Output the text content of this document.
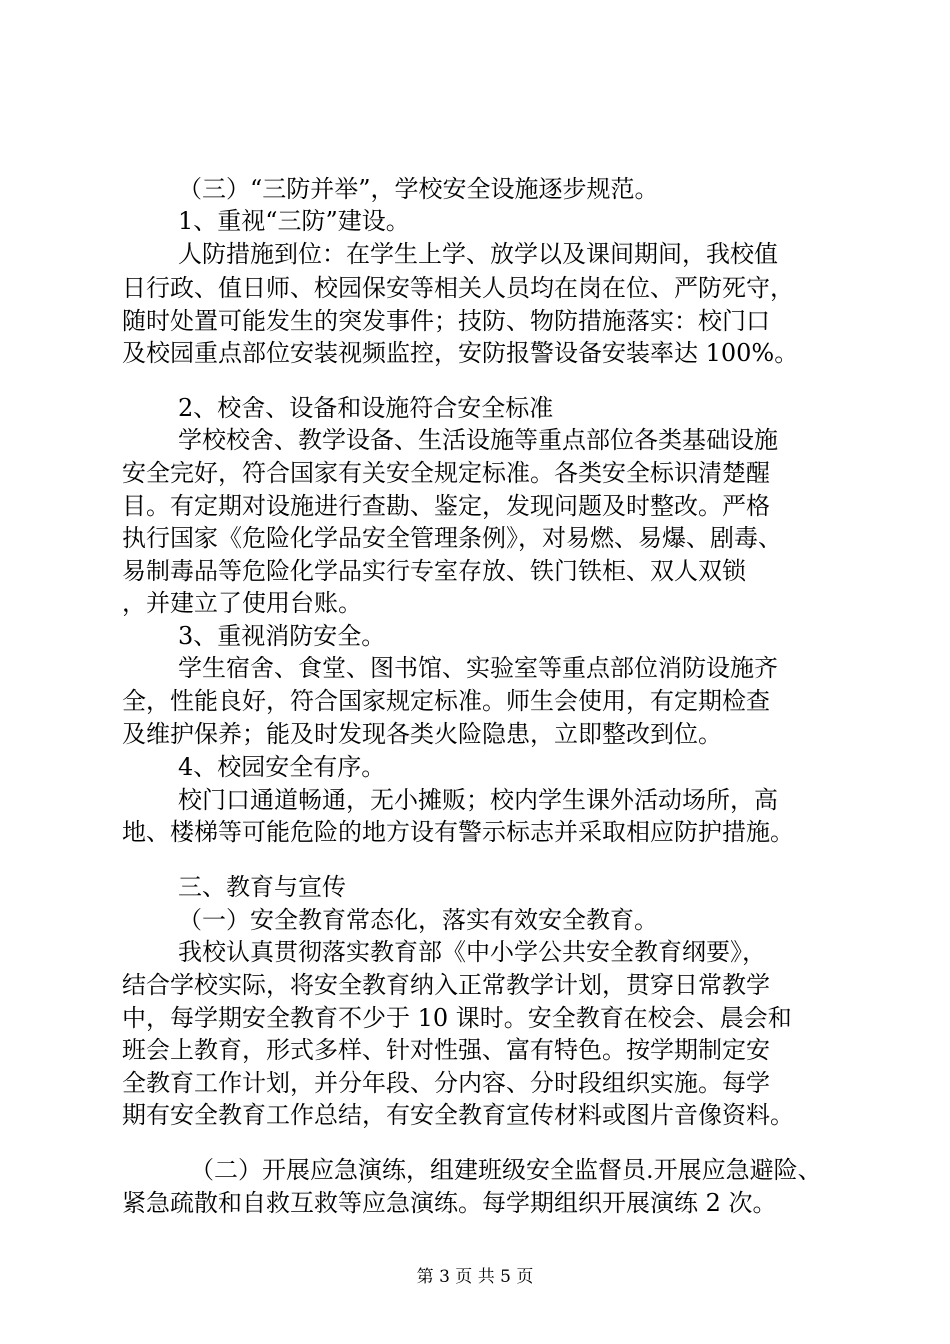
（三）“三防并举”，学校安全设施逐步规范。
1、重视“三防”建设。
人防措施到位：在学生上学、放学以及课间期间，我校值
日行政、值日师、校园保安等相关人员均在岗在位、严防死守，
随时处置可能发生的突发事件；技防、物防措施落实：校门口
及校园重点部位安装视频监控，安防报警设备安装率达 100%。
2、校舍、设备和设施符合安全标准
学校校舍、教学设备、生活设施等重点部位各类基础设施
安全完好，符合国家有关安全规定标准。各类安全标识清楚醒
目。有定期对设施进行查勘、鉴定，发现问题及时整改。严格
执行国家《危险化学品安全管理条例》，对易燃、易爆、剧毒、
易制毒品等危险化学品实行专室存放、铁门铁柜、双人双锁
，并建立了使用台账。
3、重视消防安全。
学生宿舍、食堂、图书馆、实验室等重点部位消防设施齐
全，性能良好，符合国家规定标准。师生会使用，有定期检查
及维护保养；能及时发现各类火险隐患，立即整改到位。
4、校园安全有序。
校门口通道畅通，无小摊贩；校内学生课外活动场所，高
地、楼梯等可能危险的地方设有警示标志并采取相应防护措施。
三、教育与宣传
（一）安全教育常态化，落实有效安全教育。
我校认真贯彻落实教育部《中小学公共安全教育纲要》，
结合学校实际，将安全教育纳入正常教学计划，贯穿日常教学
中，每学期安全教育不少于 10 课时。安全教育在校会、晨会和
班会上教育，形式多样、针对性强、富有特色。按学期制定安
全教育工作计划，并分年段、分内容、分时段组织实施。每学
期有安全教育工作总结，有安全教育宣传材料或图片音像资料。
（二）开展应急演练，组建班级安全监督员.开展应急避险、
紧急疏散和自救互救等应急演练。每学期组织开展演练 2 次。
第 3 页 共 5 页
